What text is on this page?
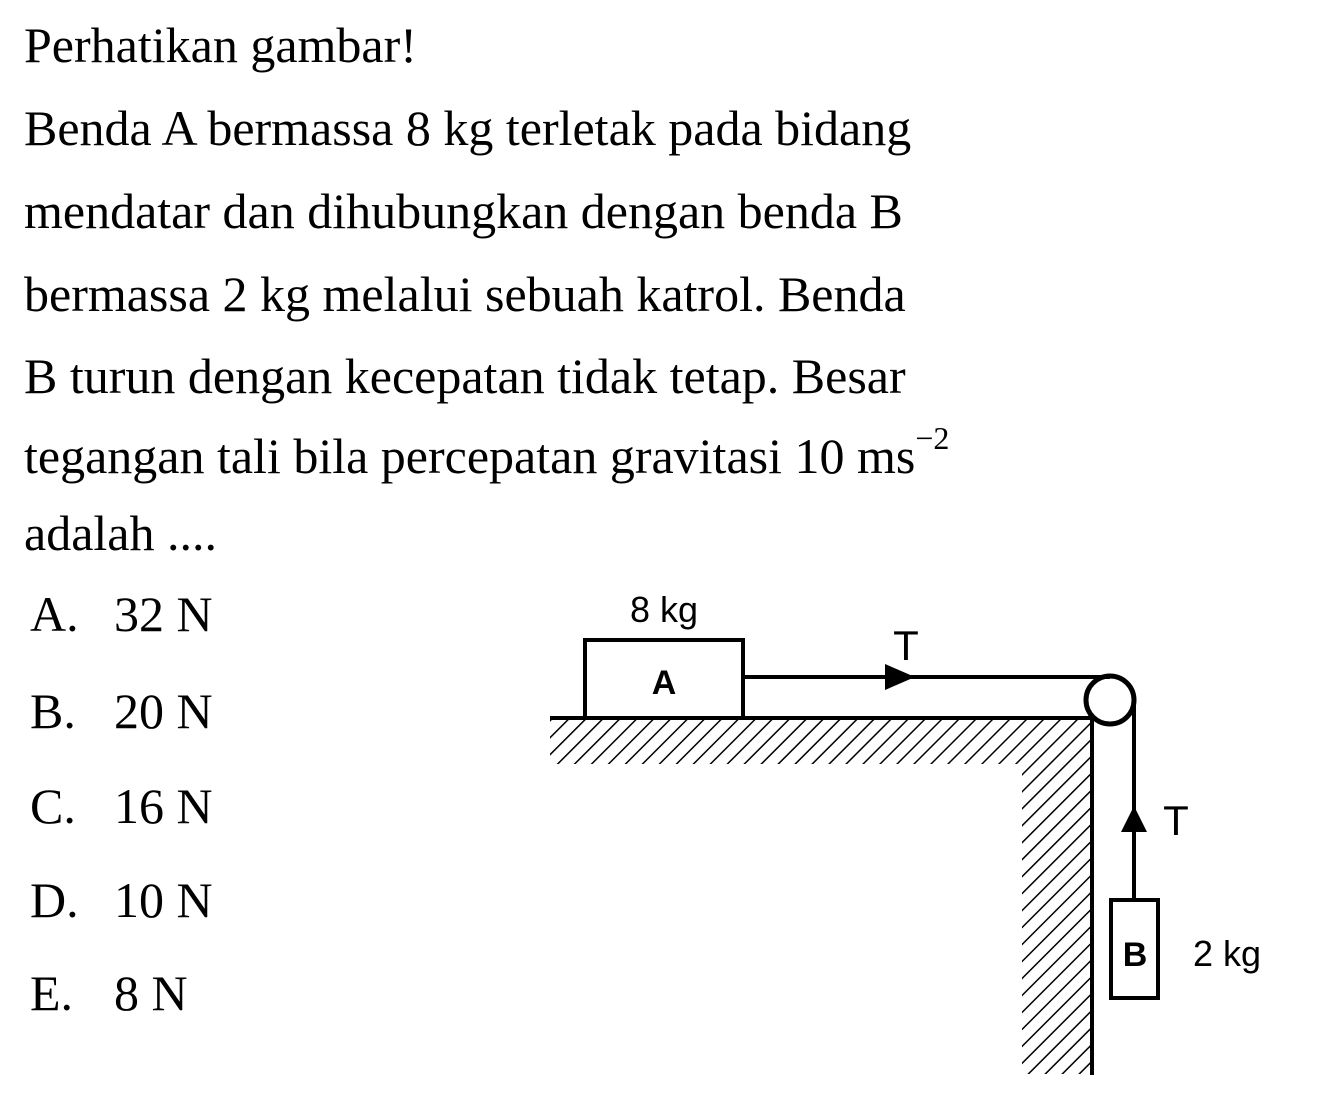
Perhatikan gambar!
Benda A bermassa 8 kg terletak pada bidang
mendatar dan dihubungkan dengan benda B
bermassa 2 kg melalui sebuah katrol. Benda
B turun dengan kecepatan tidak tetap. Besar
tegangan tali bila percepatan gravitasi 10 $ms^{-2}$
adalah ....
A. 32 N
B. 20 N
C. 16 N
D. 10 N
E. 8 N
A
8 kg
T
T
B 2 kg
